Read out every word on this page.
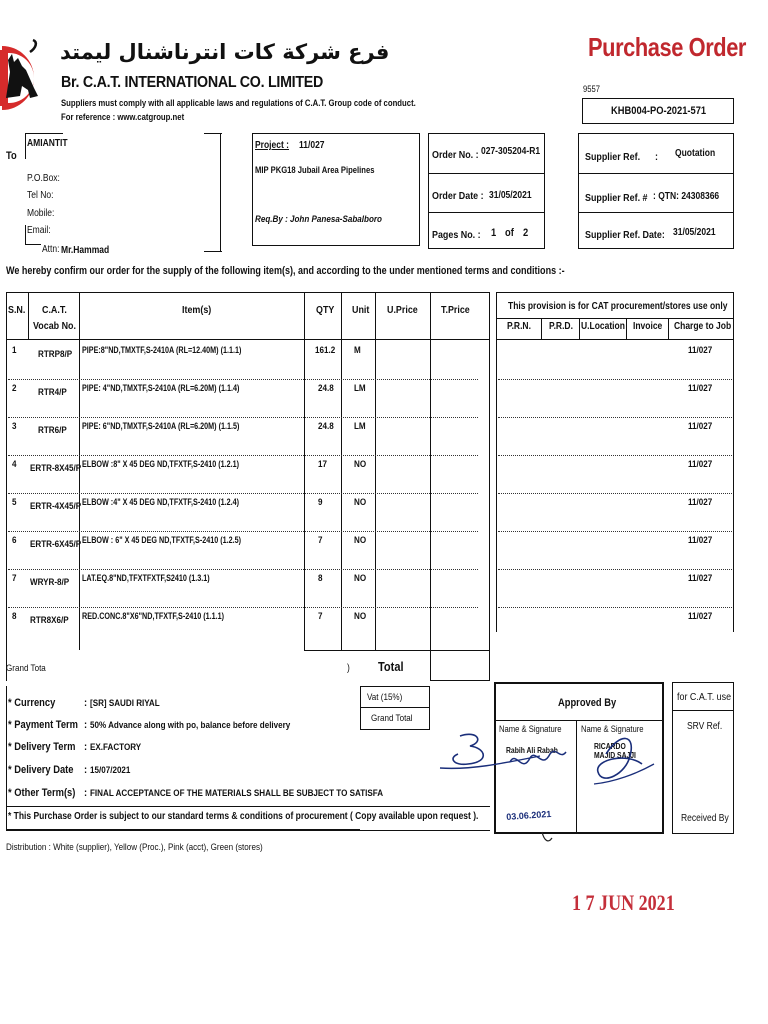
فرع شركة كات انترناشنال ليمتد
Br. C.A.T. INTERNATIONAL CO. LIMITED
Suppliers must comply with all applicable laws and regulations of C.A.T. Group code of conduct.
For reference : www.catgroup.net
Purchase Order
9557
KHB004-PO-2021-571
To
AMIANTIT
P.O.Box:
Tel No:
Mobile:
Email:
Attn: Mr.Hammad
Project : 11/027
MIP PKG18 Jubail Area Pipelines
Req.By : John Panesa-Sabalboro
Order No. : 027-305204-R1
Order Date : 31/05/2021
Pages No. : 1 of 2
Supplier Ref. : Quotation
Supplier Ref. # : QTN: 24308366
Supplier Ref. Date: 31/05/2021
We hereby confirm our order for the supply of the following item(s), and according to the under mentioned terms and conditions :-
S.N. C.A.T.
Vocab No.
Item(s)	QTY Unit U.Price T.Price	This provision is for CAT procurement/stores use only
P.R.N. P.R.D. U.Location Invoice Charge to Job
1 RTRP8/P PIPE:8"ND,TMXTF,S-2410A (RL=12.40M) (1.1.1)	161.2 M	11/027
2 RTR4/P PIPE: 4"ND,TMXTF,S-2410A (RL=6.20M) (1.1.4)	24.8 LM	11/027
3 RTR6/P PIPE: 6"ND,TMXTF,S-2410A (RL=6.20M) (1.1.5)	24.8 LM	11/027
4 ERTR-8X45/P ELBOW :8" X 45 DEG ND,TFXTF,S-2410 (1.2.1)	17	NO	11/027
5 ERTR-4X45/P ELBOW :4" X 45 DEG ND,TFXTF,S-2410 (1.2.4)	9	NO	11/027
6 ERTR-6X45/P ELBOW : 6" X 45 DEG ND,TFXTF,S-2410 (1.2.5)	7	NO	11/027
7 WRYR-8/P LAT.EQ.8"ND,TFXTFXTF,S2410 (1.3.1)	8	NO	11/027
8 RTR8X6/P RED.CONC.8"X6"ND,TFXTF,S-2410 (1.1.1)	7	NO	11/027
Grand Tota	) Total
Vat (15%)
Grand Total
* Currency	: [SR] SAUDI RIYAL
* Payment Term : 50% Advance along with po, balance before delivery
* Delivery Term : EX.FACTORY
* Delivery Date : 15/07/2021
* Other Term(s) : FINAL ACCEPTANCE OF THE MATERIALS SHALL BE SUBJECT TO SATISFA
* This Purchase Order is subject to our standard terms & conditions of procurement ( Copy available upon request ).
Approved By
Name & Signature Name & Signature
Rabih Ali Rabah	RICARDO MAJID SAJJI
03.06.2021
for C.A.T. use
SRV Ref.
Received By
Distribution : White (supplier), Yellow (Proc.), Pink (acct), Green (stores)
1 7 JUN 2021
